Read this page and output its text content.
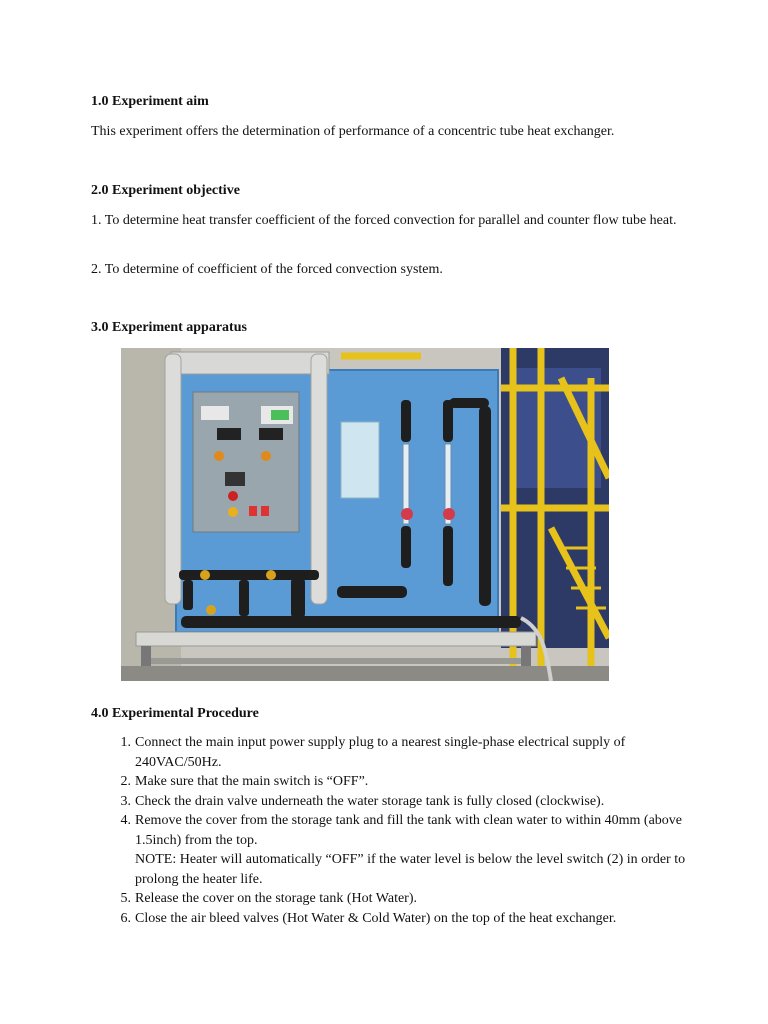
1.0 Experiment aim

This experiment offers the determination of performance of a concentric tube heat exchanger.

2.0 Experiment objective

1. To determine heat transfer coefficient of the forced convection for parallel and counter flow tube heat.

2. To determine of coefficient of the forced convection system.

3.0 Experiment apparatus
4.0 Experimental Procedure
1. Connect the main input power supply plug to a nearest single-phase electrical supply of 240VAC/50Hz.
2. Make sure that the main switch is “OFF”.
3. Check the drain valve underneath the water storage tank is fully closed (clockwise).
4. Remove the cover from the storage tank and fill the tank with clean water to within 40mm (above 1.5inch) from the top.
NOTE: Heater will automatically “OFF” if the water level is below the level switch (2) in order to prolong the heater life.
5. Release the cover on the storage tank (Hot Water).
6. Close the air bleed valves (Hot Water & Cold Water) on the top of the heat exchanger.
